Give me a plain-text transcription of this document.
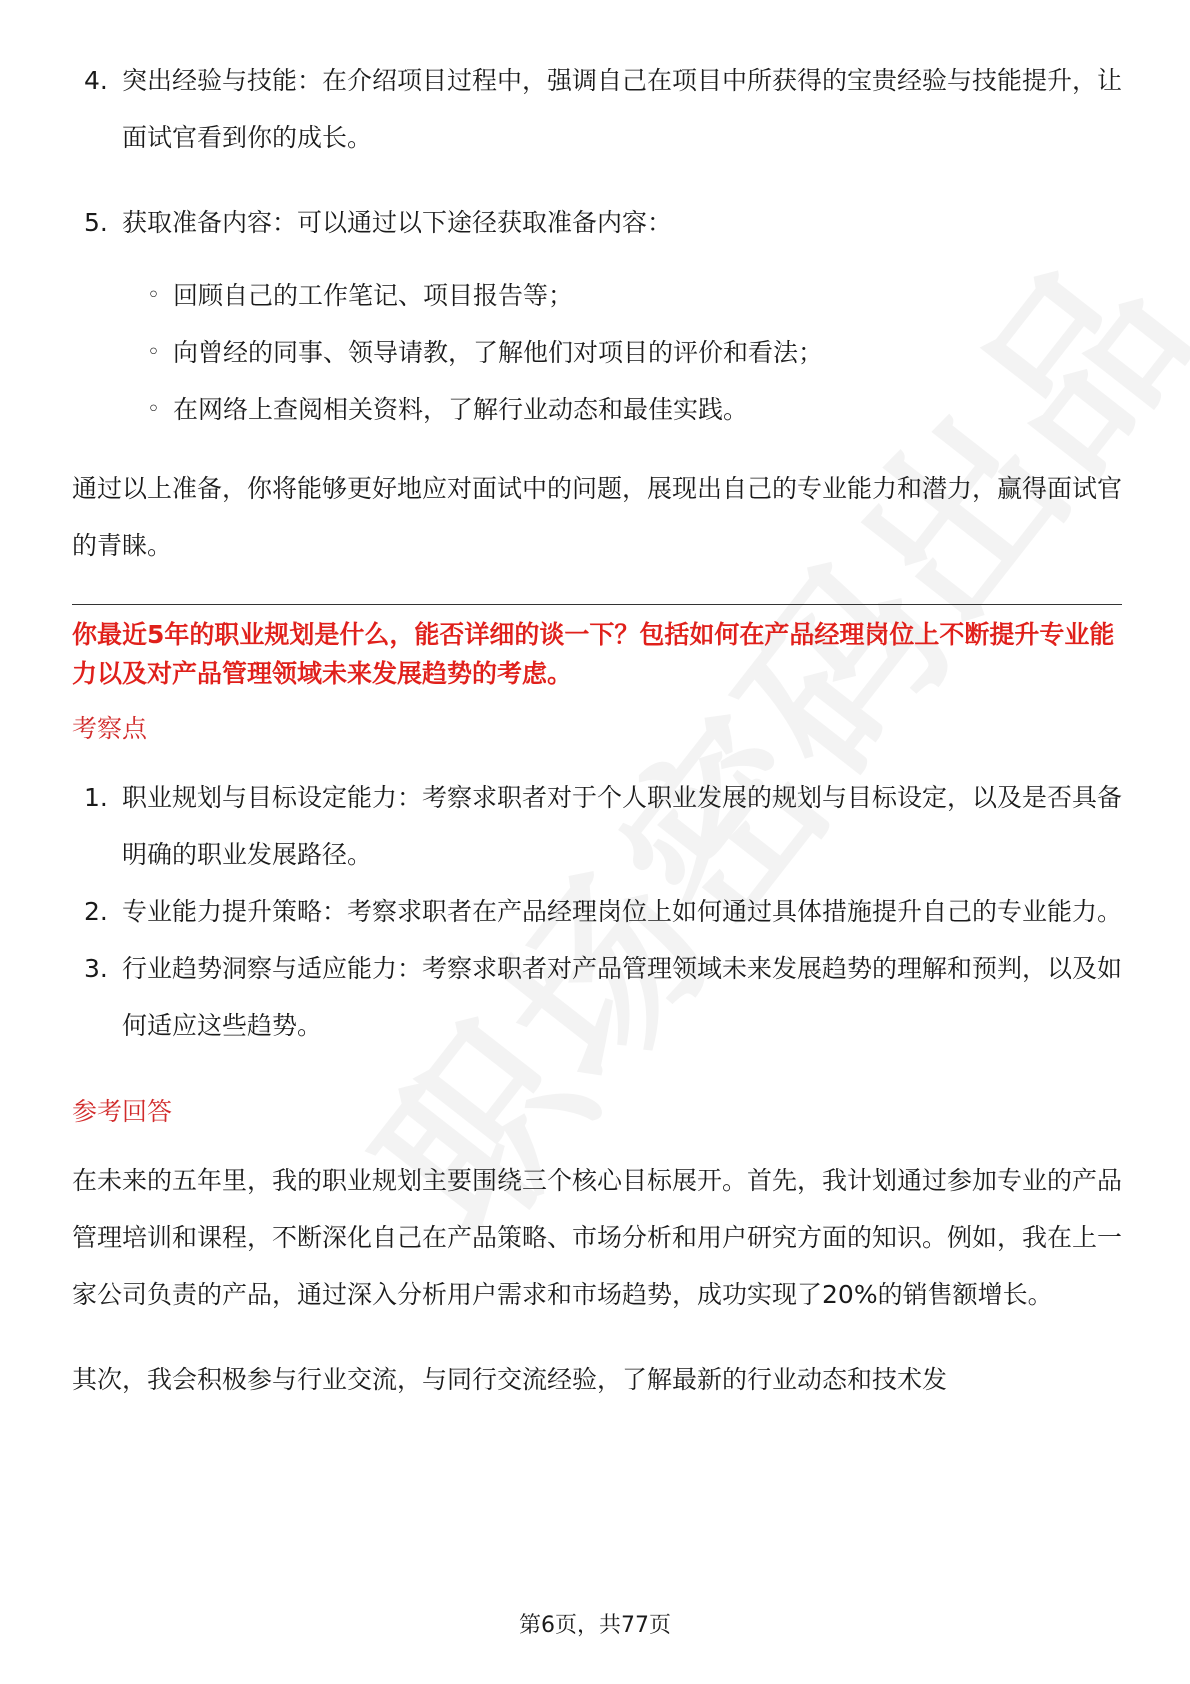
4. 突出经验与技能：在介绍项目过程中，强调自己在项目中所获得的宝贵经验与技能提升，让面试官看到你的成长。
5. 获取准备内容：可以通过以下途径获取准备内容：
◦ 回顾自己的工作笔记、项目报告等；
◦ 向曾经的同事、领导请教，了解他们对项目的评价和看法；
◦ 在网络上查阅相关资料，了解行业动态和最佳实践。

通过以上准备，你将能够更好地应对面试中的问题，展现出自己的专业能力和潜力，赢得面试官的青睐。

你最近5年的职业规划是什么，能否详细的谈一下？包括如何在产品经理岗位上不断提升专业能力以及对产品管理领域未来发展趋势的考虑。

考察点
1. 职业规划与目标设定能力：考察求职者对于个人职业发展的规划与目标设定，以及是否具备明确的职业发展路径。
2. 专业能力提升策略：考察求职者在产品经理岗位上如何通过具体措施提升自己的专业能力。
3. 行业趋势洞察与适应能力：考察求职者对产品管理领域未来发展趋势的理解和预判，以及如何适应这些趋势。
参考回答

在未来的五年里，我的职业规划主要围绕三个核心目标展开。首先，我计划通过参加专业的产品管理培训和课程，不断深化自己在产品策略、市场分析和用户研究方面的知识。例如，我在上一家公司负责的产品，通过深入分析用户需求和市场趋势，成功实现了20%的销售额增长。

其次，我会积极参与行业交流，与同行交流经验，了解最新的行业动态和技术发

第6页，共77页
